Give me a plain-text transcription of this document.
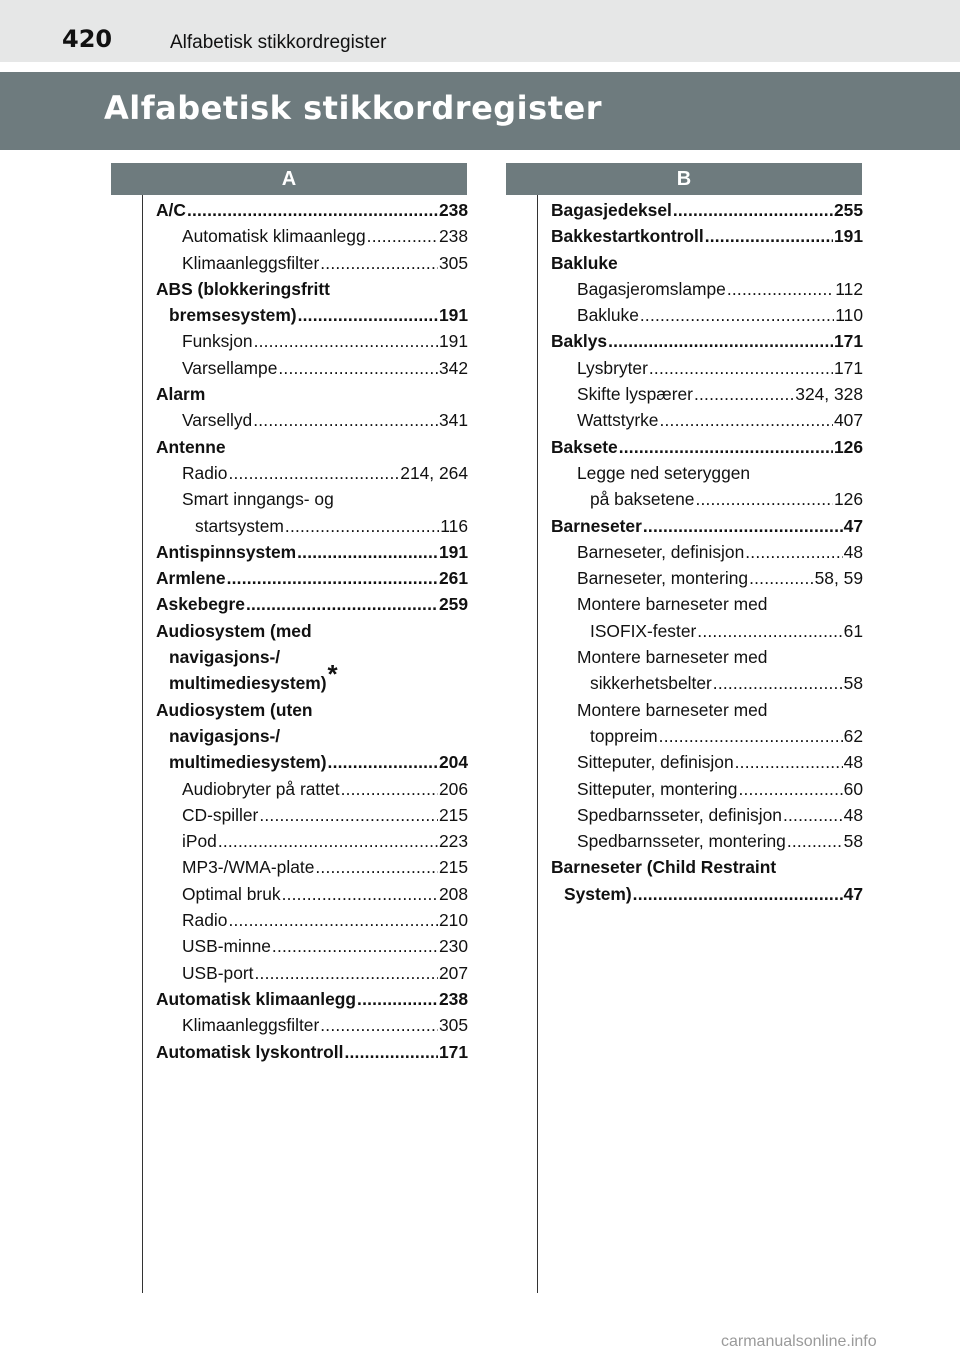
420	Alfabetisk stikkordregister
Alfabetisk stikkordregister
A	B
A/C .....	238
Automatisk klimaanlegg .....	238
Klimaanleggsfilter .....	305
ABS (blokkeringsfritt
bremsesystem) .....	191
Funksjon .....	191
Varsellampe .....	342
Alarm
Varsellyd .....	341
Antenne
Radio .....	214, 264
Smart inngangs- og
startsystem .....	116
Antispinnsystem .....	191
Armlene .....	261
Askebegre .....	259
Audiosystem (med
navigasjons-/
multimediesystem)*
Audiosystem (uten
navigasjons-/
multimediesystem) .....	204
Audiobryter på rattet .....	206
CD-spiller .....	215
iPod .....	223
MP3-/WMA-plate .....	215
Optimal bruk .....	208
Radio .....	210
USB-minne .....	230
USB-port .....	207
Automatisk klimaanlegg .....	238
Klimaanleggsfilter .....	305
Automatisk lyskontroll .....	171
Bagasjedeksel .....	255
Bakkestartkontroll .....	191
Bakluke
Bagasjeromslampe .....	112
Bakluke .....	110
Baklys .....	171
Lysbryter .....	171
Skifte lyspærer .....	324, 328
Wattstyrke .....	407
Baksete .....	126
Legge ned seteryggen
på baksetene .....	126
Barneseter .....	47
Barneseter, definisjon .....	48
Barneseter, montering .....	58, 59
Montere barneseter med
ISOFIX-fester .....	61
Montere barneseter med
sikkerhetsbelter .....	58
Montere barneseter med
toppreim .....	62
Sitteputer, definisjon .....	48
Sitteputer, montering .....	60
Spedbarnsseter, definisjon .....	48
Spedbarnsseter, montering .....	58
Barneseter (Child Restraint
System) .....	47
carmanualsonline.info
